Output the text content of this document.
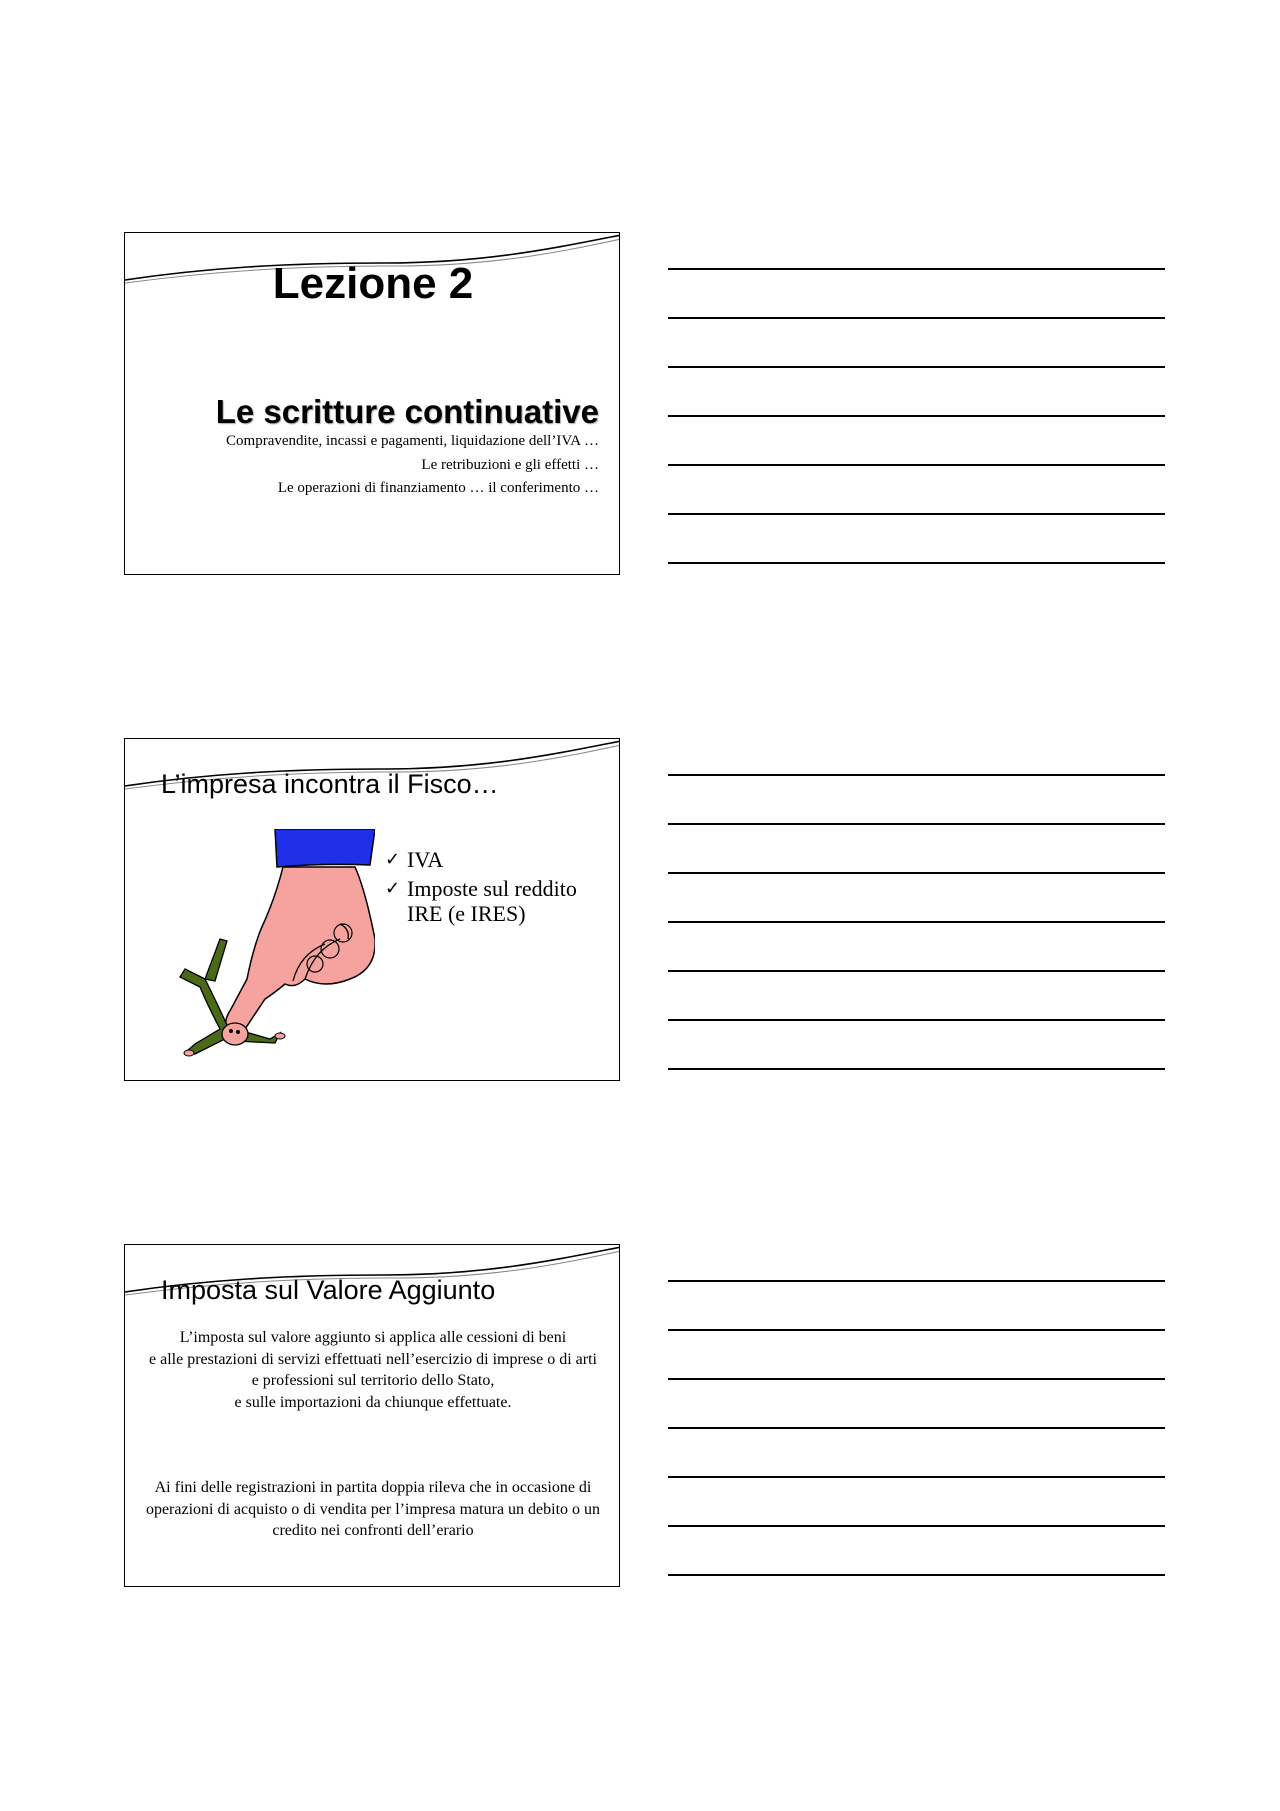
Lezione 2
Le scritture continuative
Compravendite, incassi e pagamenti, liquidazione dell’IVA …
Le retribuzioni e gli effetti …
Le operazioni di finanziamento … il conferimento …
L’impresa incontra il Fisco…
✓ IVA
✓ Imposte sul reddito IRE (e IRES)
Imposta sul Valore Aggiunto

L’imposta sul valore aggiunto si applica alle cessioni di beni
e alle prestazioni di servizi effettuati nell’esercizio di imprese o di arti e professioni sul territorio dello Stato,
e sulle importazioni da chiunque effettuate.

Ai fini delle registrazioni in partita doppia rileva che in occasione di operazioni di acquisto o di vendita per l’impresa matura un debito o un credito nei confronti dell’erario
